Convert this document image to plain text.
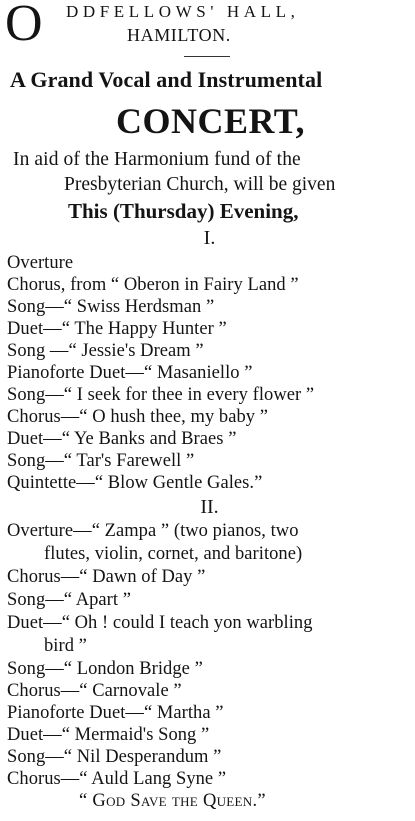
O DDFELLOWS' HALL,
HAMILTON.
A Grand Vocal and Instrumental
CONCERT,
In aid of the Harmonium fund of the
Presbyterian Church, will be given
This (Thursday) Evening,
I.
Overture
Chorus, from “ Oberon in Fairy Land ”
Song—“ Swiss Herdsman ”
Duet—“ The Happy Hunter ”
Song —“ Jessie's Dream ”
Pianoforte Duet—“ Masaniello ”
Song—“ I seek for thee in every flower ”
Chorus—“ O hush thee, my baby ”
Duet—“ Ye Banks and Braes ”
Song—“ Tar's Farewell ”
Quintette—“ Blow Gentle Gales.”
II.
Overture—“ Zampa ” (two pianos, two
flutes, violin, cornet, and baritone)
Chorus—“ Dawn of Day ”
Song—“ Apart ”
Duet—“ Oh ! could I teach yon warbling
bird ”
Song—“ London Bridge ”
Chorus—“ Carnovale ”
Pianoforte Duet—“ Martha ”
Duet—“ Mermaid's Song ”
Song—“ Nil Desperandum ”
Chorus—“ Auld Lang Syne ”
“ God Save the Queen.”
